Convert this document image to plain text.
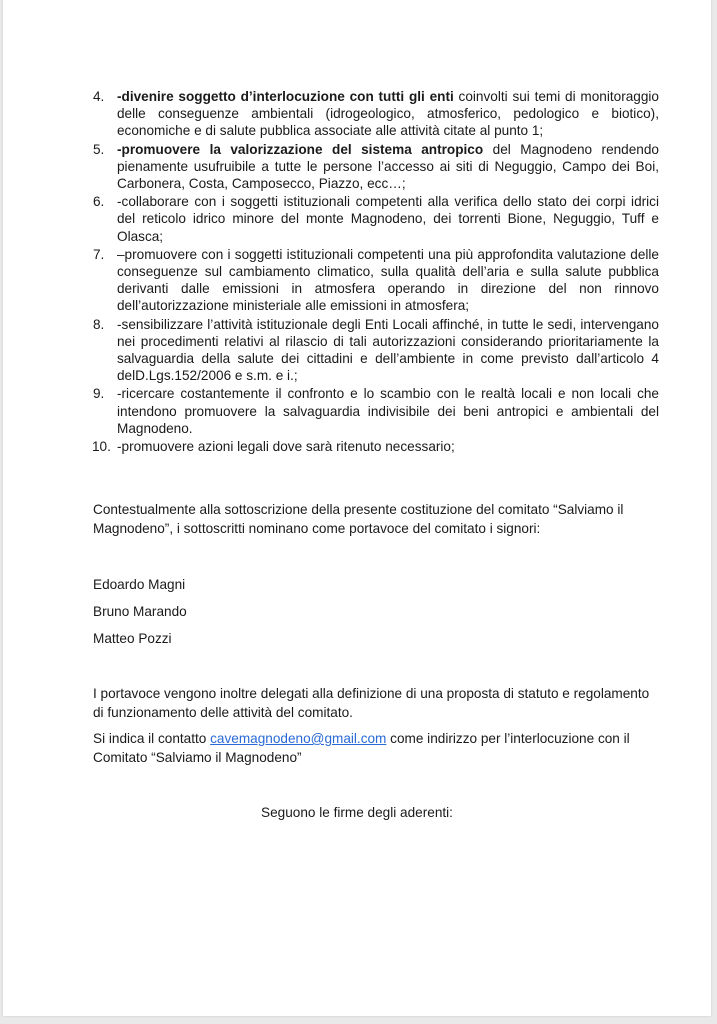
4. -divenire soggetto d’interlocuzione con tutti gli enti coinvolti sui temi di monitoraggio delle conseguenze ambientali (idrogeologico, atmosferico, pedologico e biotico), economiche e di salute pubblica associate alle attività citate al punto 1;
5. -promuovere la valorizzazione del sistema antropico del Magnodeno rendendo pienamente usufruibile a tutte le persone l’accesso ai siti di Neguggio, Campo dei Boi, Carbonera, Costa, Camposecco, Piazzo, ecc…;
6. -collaborare con i soggetti istituzionali competenti alla verifica dello stato dei corpi idrici del reticolo idrico minore del monte Magnodeno, dei torrenti Bione, Neguggio, Tuff e Olasca;
7. –promuovere con i soggetti istituzionali competenti una più approfondita valutazione delle conseguenze sul cambiamento climatico, sulla qualità dell’aria e sulla salute pubblica derivanti dalle emissioni in atmosfera operando in direzione del non rinnovo dell’autorizzazione ministeriale alle emissioni in atmosfera;
8. -sensibilizzare l’attività istituzionale degli Enti Locali affinché, in tutte le sedi, intervengano nei procedimenti relativi al rilascio di tali autorizzazioni considerando prioritariamente la salvaguardia della salute dei cittadini e dell’ambiente in come previsto dall’articolo 4 delD.Lgs.152/2006 e s.m. e i.;
9. -ricercare costantemente il confronto e lo scambio con le realtà locali e non locali che intendono promuovere la salvaguardia indivisibile dei beni antropici e ambientali del Magnodeno.
10. -promuovere azioni legali dove sarà ritenuto necessario;

Contestualmente alla sottoscrizione della presente costituzione del comitato “Salviamo il Magnodeno”, i sottoscritti nominano come portavoce del comitato i signori:

Edoardo Magni
Bruno Marando
Matteo Pozzi

I portavoce vengono inoltre delegati alla definizione di una proposta di statuto e regolamento di funzionamento delle attività del comitato.

Si indica il contatto cavemagnodeno@gmail.com come indirizzo per l’interlocuzione con il Comitato “Salviamo il Magnodeno”

Seguono le firme degli aderenti:
